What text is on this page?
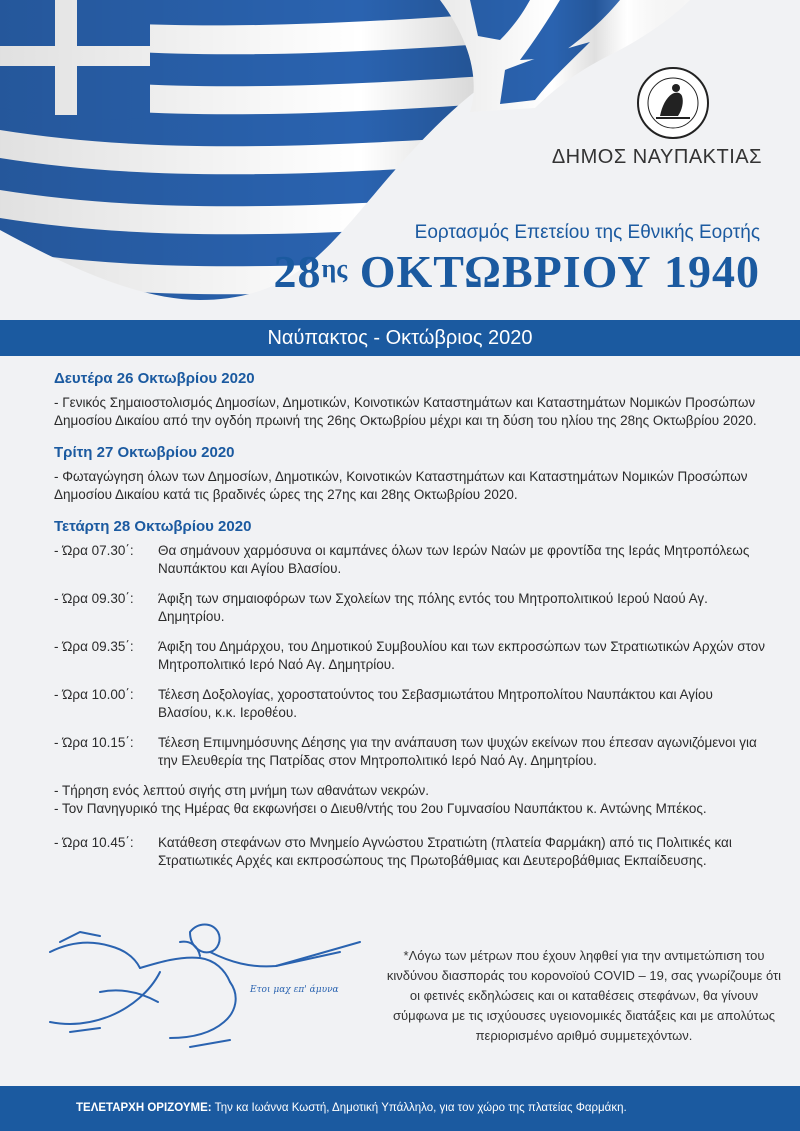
ΔΗΜΟΣ ΝΑΥΠΑΚΤΙΑΣ
Εορτασμός Επετείου της Εθνικής Εορτής
$28^{\eta\varsigma}$ ΟΚΤΩΒΡΙΟΥ 1940
Ναύπακτος - Οκτώβριος 2020
Δευτέρα 26 Οκτωβρίου 2020
- Γενικός Σημαιοστολισμός Δημοσίων, Δημοτικών, Κοινοτικών Καταστημάτων και Καταστημάτων Νομικών Προσώπων Δημοσίου Δικαίου από την ογδόη πρωινή της 26ης Οκτωβρίου μέχρι και τη δύση του ηλίου της 28ης Οκτωβρίου 2020.
Τρίτη 27 Οκτωβρίου 2020
- Φωταγώγηση όλων των Δημοσίων, Δημοτικών, Κοινοτικών Καταστημάτων και Καταστημάτων Νομικών Προσώπων Δημοσίου Δικαίου κατά τις βραδινές ώρες της 27ης και 28ης Οκτωβρίου 2020.
Τετάρτη 28 Οκτωβρίου 2020
- Ώρα 07.30΄:	Θα σημάνουν χαρμόσυνα οι καμπάνες όλων των Ιερών Ναών με φροντίδα της Ιεράς Μητροπόλεως Ναυπάκτου και Αγίου Βλασίου.
- Ώρα 09.30΄:	Άφιξη των σημαιοφόρων των Σχολείων της πόλης εντός του Μητροπολιτικού Ιερού Ναού Αγ. Δημητρίου.
- Ώρα 09.35΄:	Άφιξη του Δημάρχου, του Δημοτικού Συμβουλίου και των εκπροσώπων των Στρατιωτικών Αρχών στον Μητροπολιτικό Ιερό Ναό Αγ. Δημητρίου.
- Ώρα 10.00΄:	Τέλεση Δοξολογίας, χοροστατούντος του Σεβασμιωτάτου Μητροπολίτου Ναυπάκτου και Αγίου Βλασίου, κ.κ. Ιεροθέου.
- Ώρα 10.15΄:	Τέλεση Επιμνημόσυνης Δέησης για την ανάπαυση των ψυχών εκείνων που έπεσαν αγωνιζόμενοι για την Ελευθερία της Πατρίδας στον Μητροπολιτικό Ιερό Ναό Αγ. Δημητρίου.

- Τήρηση ενός λεπτού σιγής στη μνήμη των αθανάτων νεκρών.

- Τον Πανηγυρικό της Ημέρας θα εκφωνήσει ο Διευθ/ντής του 2ου Γυμνασίου Ναυπάκτου κ. Αντώνης Μπέκος.

- Ώρα 10.45΄:	Κατάθεση στεφάνων στο Μνημείο Αγνώστου Στρατιώτη (πλατεία Φαρμάκη) από τις Πολιτικές και Στρατιωτικές Αρχές και εκπροσώπους της Πρωτοβάθμιας και Δευτεροβάθμιας Εκπαίδευσης.
Ετοι μαχ επ' άμυνα
*Λόγω των μέτρων που έχουν ληφθεί για την αντιμετώπιση του κινδύνου διασποράς του κορονοϊού COVID – 19, σας γνωρίζουμε ότι οι φετινές εκδηλώσεις και οι καταθέσεις στεφάνων, θα γίνουν σύμφωνα με τις ισχύουσες υγειονομικές διατάξεις και με απολύτως περιορισμένο αριθμό συμμετεχόντων.
ΤΕΛΕΤΑΡΧΗ ΟΡΙΖΟΥΜΕ: Την κα Ιωάννα Κωστή, Δημοτική Υπάλληλο, για τον χώρο της πλατείας Φαρμάκη.
